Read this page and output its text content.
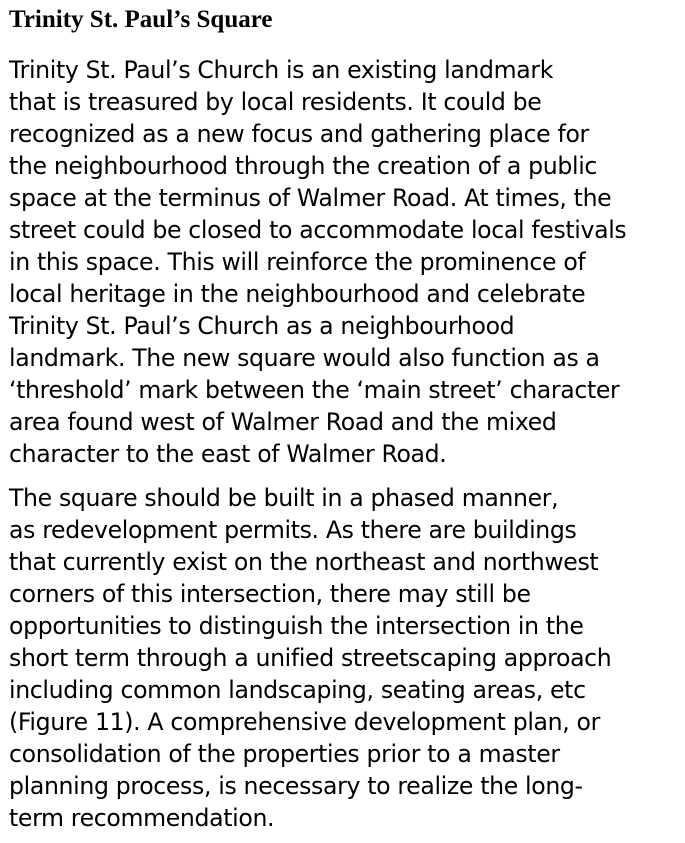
Trinity St. Paul’s Square

Trinity St. Paul’s Church is an existing landmark
that is treasured by local residents. It could be
recognized as a new focus and gathering place for
the neighbourhood through the creation of a public
space at the terminus of Walmer Road. At times, the
street could be closed to accommodate local festivals
in this space. This will reinforce the prominence of
local heritage in the neighbourhood and celebrate
Trinity St. Paul’s Church as a neighbourhood
landmark. The new square would also function as a
‘threshold’ mark between the ‘main street’ character
area found west of Walmer Road and the mixed
character to the east of Walmer Road.

The square should be built in a phased manner,
as redevelopment permits. As there are buildings
that currently exist on the northeast and northwest
corners of this intersection, there may still be
opportunities to distinguish the intersection in the
short term through a unified streetscaping approach
including common landscaping, seating areas, etc
(Figure 11). A comprehensive development plan, or
consolidation of the properties prior to a master
planning process, is necessary to realize the long-
term recommendation.
